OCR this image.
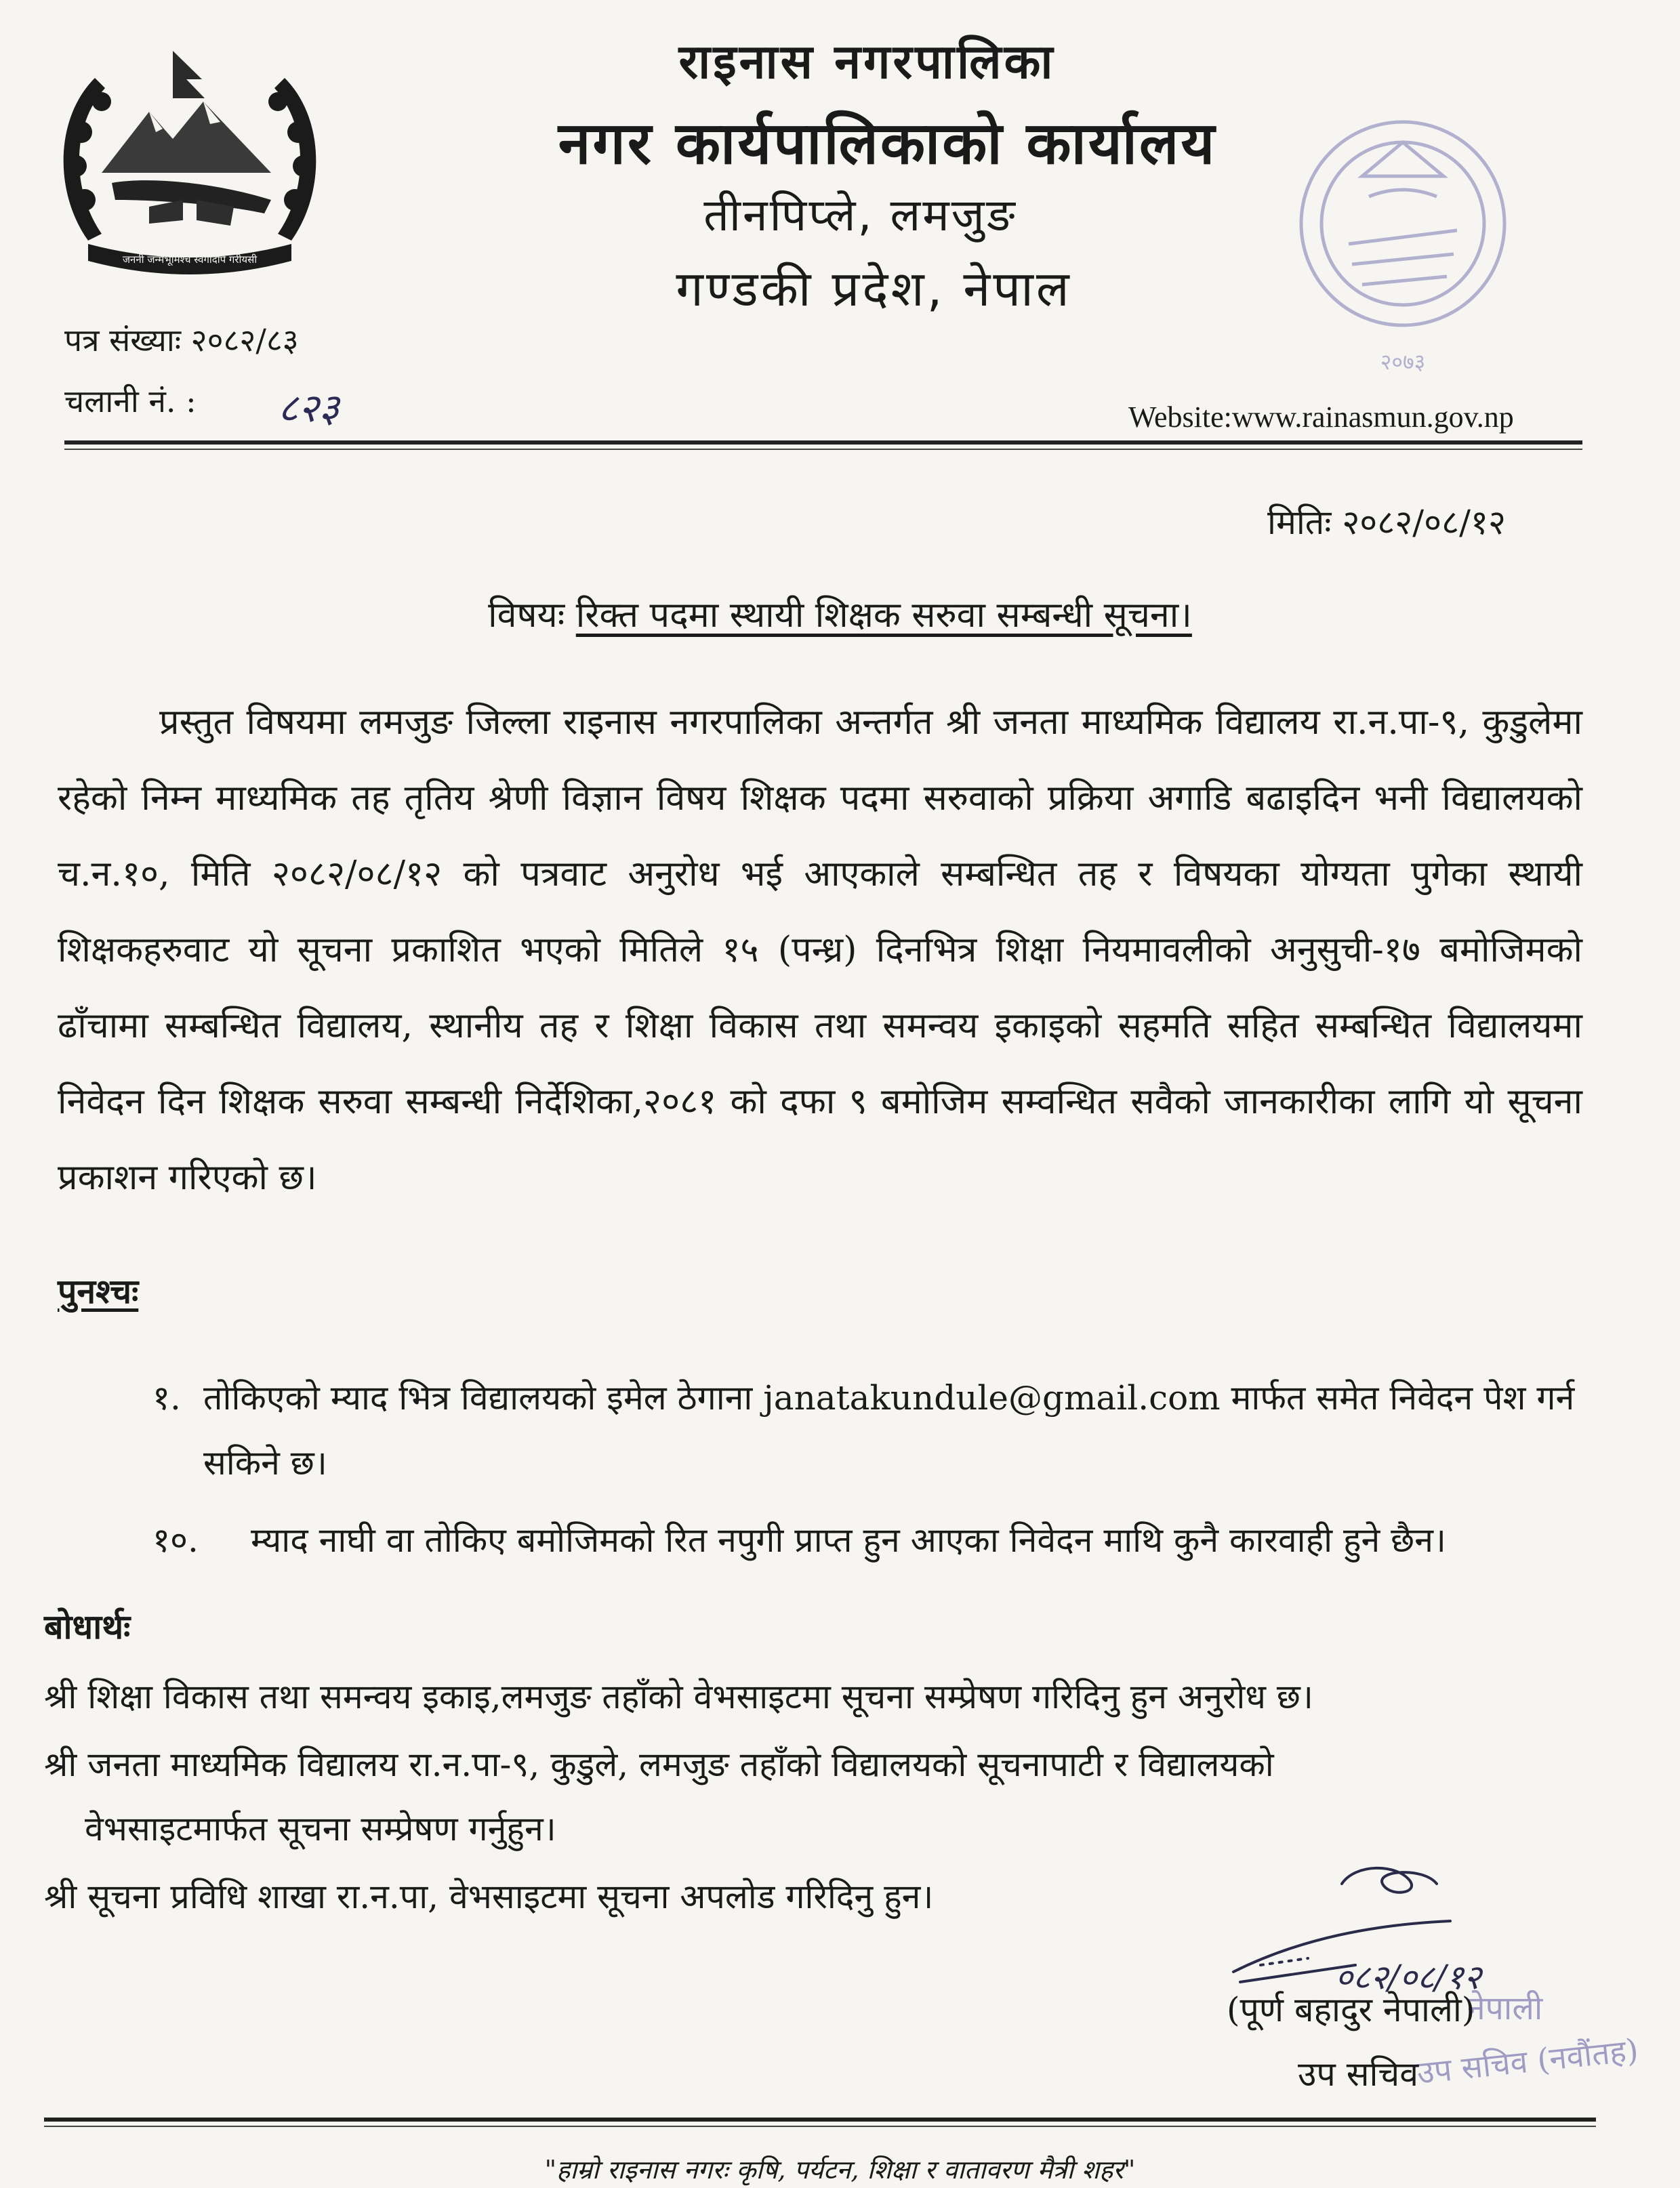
जननी जन्मभूमिश्च स्वर्गादपि गरीयसी
राइनास नगरपालिका
नगर कार्यपालिकाको कार्यालय
तीनपिप्ले, लमजुङ
गण्डकी प्रदेश, नेपाल
२०७३
पत्र संख्याः २०८२/८३
चलानी नं. : ८२३	Website:www.rainasmun.gov.np
मितिः २०८२/०८/१२
विषयः रिक्त पदमा स्थायी शिक्षक सरुवा सम्बन्धी सूचना।
प्रस्तुत विषयमा लमजुङ जिल्ला राइनास नगरपालिका अन्तर्गत श्री जनता माध्यमिक विद्यालय रा.न.पा-९, कुडुलेमा रहेको निम्न माध्यमिक तह तृतिय श्रेणी विज्ञान विषय शिक्षक पदमा सरुवाको प्रक्रिया अगाडि बढाइदिन भनी विद्यालयको च.न.१०, मिति २०८२/०८/१२ को पत्रवाट अनुरोध भई आएकाले सम्बन्धित तह र विषयका योग्यता पुगेका स्थायी शिक्षकहरुवाट यो सूचना प्रकाशित भएको मितिले १५ (पन्ध्र) दिनभित्र शिक्षा नियमावलीको अनुसुची-१७ बमोजिमको ढाँचामा सम्बन्धित विद्यालय, स्थानीय तह र शिक्षा विकास तथा समन्वय इकाइको सहमति सहित सम्बन्धित विद्यालयमा निवेदन दिन शिक्षक सरुवा सम्बन्धी निर्देशिका,२०८१ को दफा ९ बमोजिम सम्वन्धित सवैको जानकारीका लागि यो सूचना प्रकाशन गरिएको छ।
पुनश्चः
१. तोकिएको म्याद भित्र विद्यालयको इमेल ठेगाना janatakundule@gmail.com मार्फत समेत निवेदन पेश गर्न सकिने छ।
१०. म्याद नाघी वा तोकिए बमोजिमको रित नपुगी प्राप्त हुन आएका निवेदन माथि कुनै कारवाही हुने छैन।
बोधार्थः
श्री शिक्षा विकास तथा समन्वय इकाइ,लमजुङ तहाँको वेभसाइटमा सूचना सम्प्रेषण गरिदिनु हुन अनुरोध छ।
श्री जनता माध्यमिक विद्यालय रा.न.पा-९, कुडुले, लमजुङ तहाँको विद्यालयको सूचनापाटी र विद्यालयको
वेभसाइटमार्फत सूचना सम्प्रेषण गर्नुहुन।
श्री सूचना प्रविधि शाखा रा.न.पा, वेभसाइटमा सूचना अपलोड गरिदिनु हुन।
०८२/०८/१२
नेपाली
(पूर्ण बहादुर नेपाली)
उप सचिव (नवौंतह)
उप सचिव
"हाम्रो राइनास नगरः कृषि, पर्यटन, शिक्षा र वातावरण मैत्री शहर"
